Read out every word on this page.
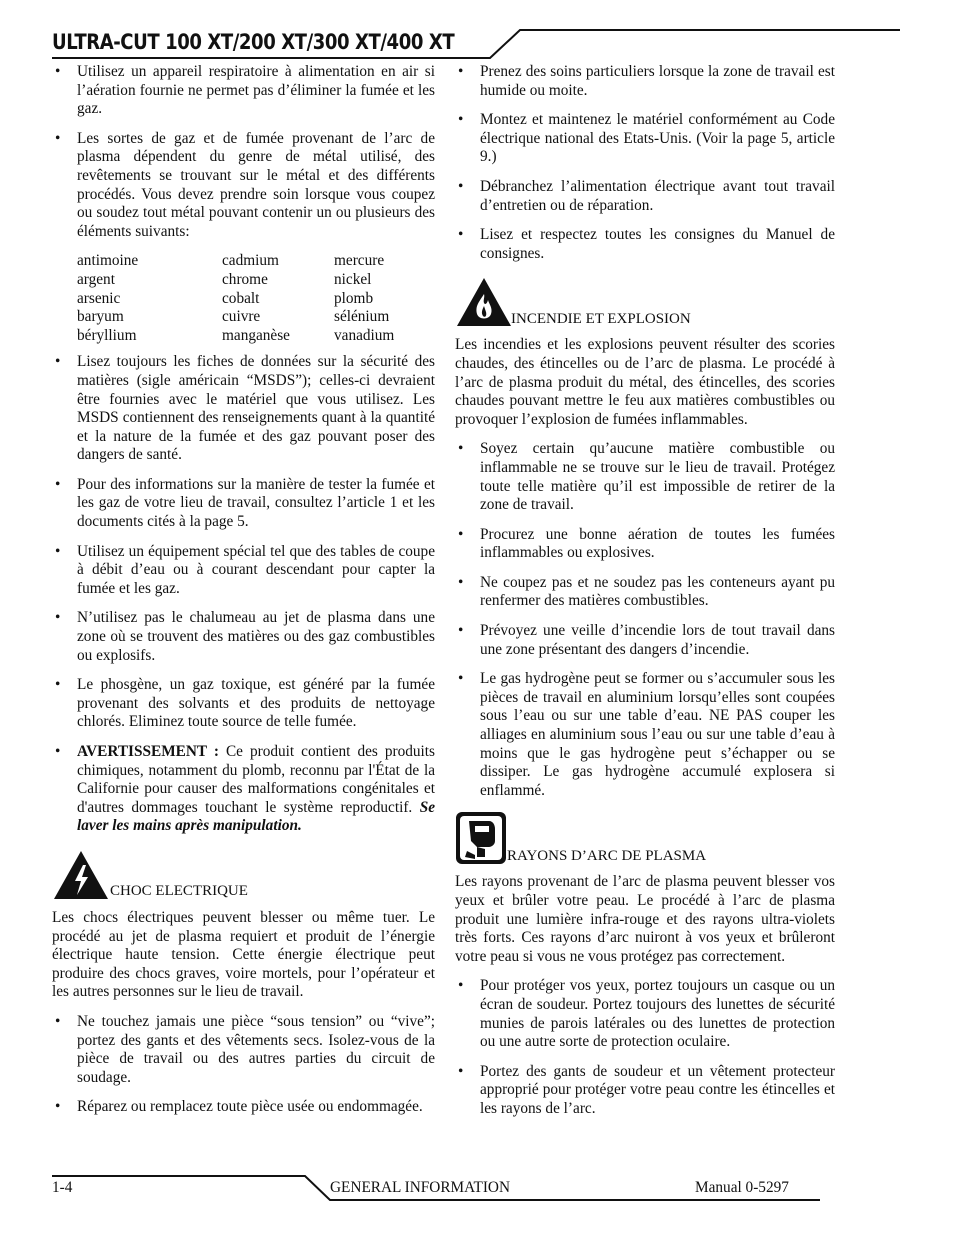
ULTRA-CUT 100 XT/200 XT/300 XT/400 XT
• Utilisez un appareil respiratoire à alimentation en air si l’aération fournie ne permet pas d’éliminer la fumée et les gaz.
• Les sortes de gaz et de fumée provenant de l’arc de plasma dépendent du genre de métal utilisé, des revêtements se trouvant sur le métal et des différents procédés. Vous devez prendre soin lorsque vous coupez ou soudez tout métal pouvant contenir un ou plusieurs des éléments suivants:
antimoine	cadmium	mercure
argent	chrome	nickel
arsenic	cobalt	plomb
baryum	cuivre	sélénium
béryllium	manganèse	vanadium
• Lisez toujours les fiches de données sur la sécurité des matières (sigle américain “MSDS”); celles-ci devraient être fournies avec le matériel que vous utilisez. Les MSDS contiennent des renseignements quant à la quantité et la nature de la fumée et des gaz pouvant poser des dangers de santé.
• Pour des informations sur la manière de tester la fumée et les gaz de votre lieu de travail, consultez l’article 1 et les documents cités à la page 5.
• Utilisez un équipement spécial tel que des tables de coupe à débit d’eau ou à courant descendant pour capter la fumée et les gaz.
• N’utilisez pas le chalumeau au jet de plasma dans une zone où se trouvent des matières ou des gaz combustibles ou explosifs.
• Le phosgène, un gaz toxique, est généré par la fumée provenant des solvants et des produits de nettoyage chlorés. Eliminez toute source de telle fumée.
• AVERTISSEMENT : Ce produit contient des produits chimiques, notamment du plomb, reconnu par l'État de la Californie pour causer des malformations congénitales et d'autres dommages touchant le système reproductif. Se laver les mains après manipulation.
CHOC ELECTRIQUE
Les chocs électriques peuvent blesser ou même tuer. Le procédé au jet de plasma requiert et produit de l’énergie électrique haute tension. Cette énergie électrique peut produire des chocs graves, voire mortels, pour l’opérateur et les autres personnes sur le lieu de travail.
• Ne touchez jamais une pièce “sous tension” ou “vive”; portez des gants et des vêtements secs. Isolez-vous de la pièce de travail ou des autres parties du circuit de soudage.
• Réparez ou remplacez toute pièce usée ou endommagée.
• Prenez des soins particuliers lorsque la zone de travail est humide ou moite.
• Montez et maintenez le matériel conformément au Code électrique national des Etats-Unis. (Voir la page 5, article 9.)
• Débranchez l’alimentation électrique avant tout travail d’entretien ou de réparation.
• Lisez et respectez toutes les consignes du Manuel de consignes.
INCENDIE ET EXPLOSION
Les incendies et les explosions peuvent résulter des scories chaudes, des étincelles ou de l’arc de plasma. Le procédé à l’arc de plasma produit du métal, des étincelles, des scories chaudes pouvant mettre le feu aux matières combustibles ou provoquer l’explosion de fumées inflammables.
• Soyez certain qu’aucune matière combustible ou inflammable ne se trouve sur le lieu de travail. Protégez toute telle matière qu’il est impossible de retirer de la zone de travail.
• Procurez une bonne aération de toutes les fumées inflammables ou explosives.
• Ne coupez pas et ne soudez pas les conteneurs ayant pu renfermer des matières combustibles.
• Prévoyez une veille d’incendie lors de tout travail dans une zone présentant des dangers d’incendie.
• Le gas hydrogène peut se former ou s’accumuler sous les pièces de travail en aluminium lorsqu’elles sont coupées sous l’eau ou sur une table d’eau. NE PAS couper les alliages en aluminium sous l’eau ou sur une table d’eau à moins que le gas hydrogène peut s’échapper ou se dissiper. Le gas hydrogène accumulé explosera si enflammé.
RAYONS D’ARC DE PLASMA
Les rayons provenant de l’arc de plasma peuvent blesser vos yeux et brûler votre peau. Le procédé à l’arc de plasma produit une lumière infra-rouge et des rayons ultra-violets très forts. Ces rayons d’arc nuiront à vos yeux et brûleront votre peau si vous ne vous protégez pas correctement.
• Pour protéger vos yeux, portez toujours un casque ou un écran de soudeur. Portez toujours des lunettes de sécurité munies de parois latérales ou des lunettes de protection ou une autre sorte de protection oculaire.
• Portez des gants de soudeur et un vêtement protecteur approprié pour protéger votre peau contre les étincelles et les rayons de l’arc.
1-4	GENERAL INFORMATION	Manual 0-5297
